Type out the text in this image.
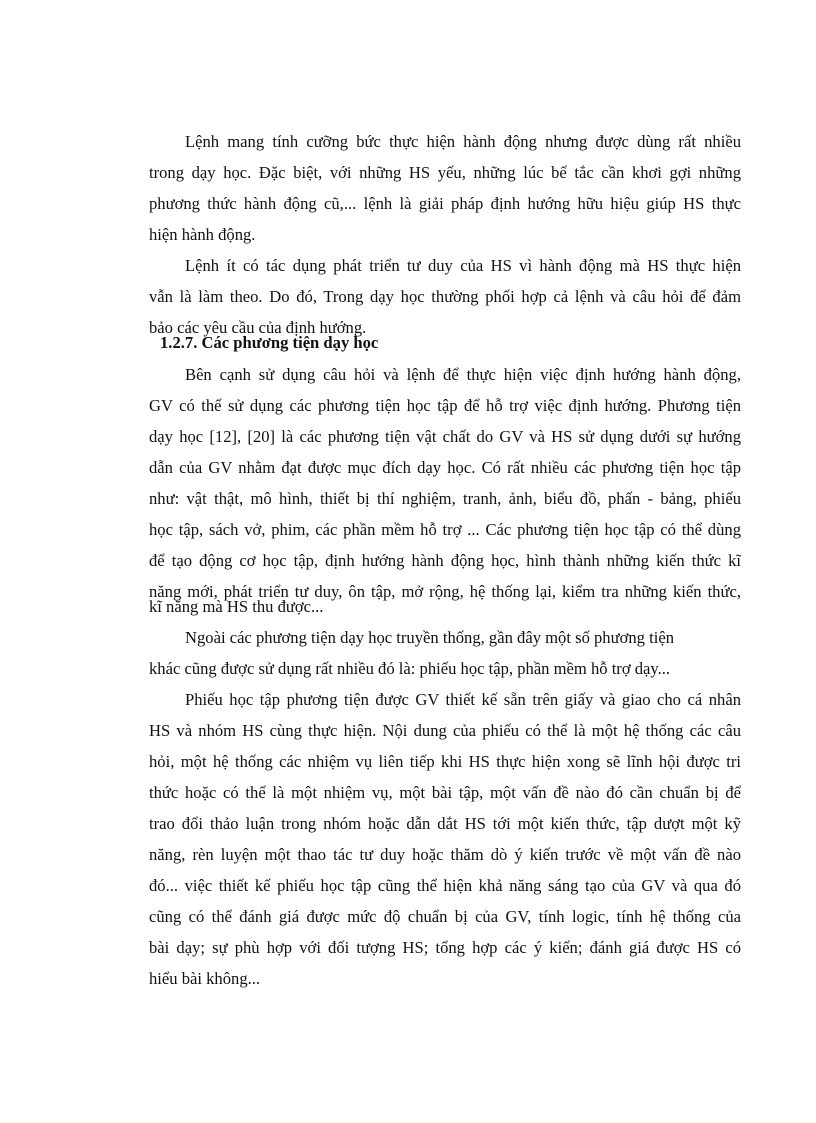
Lệnh mang tính cưỡng bức thực hiện hành động nhưng được dùng rất nhiều
trong dạy học. Đặc biệt, với những HS yếu, những lúc bế tắc cần khơi gợi những
phương thức hành động cũ,... lệnh là giải pháp định hướng hữu hiệu giúp HS thực
hiện hành động.
Lệnh ít có tác dụng phát triển tư duy của HS vì hành động mà HS thực hiện
vẫn là làm theo. Do đó, Trong dạy học thường phối hợp cả lệnh và câu hỏi để đảm
bảo các yêu cầu của định hướng.
1.2.7. Các phương tiện dạy học
Bên cạnh sử dụng câu hỏi và lệnh để thực hiện việc định hướng hành động,
GV có thể sử dụng các phương tiện học tập để hỗ trợ việc định hướng. Phương tiện
dạy học [12], [20] là các phương tiện vật chất do GV và HS sử dụng dưới sự hướng
dẫn của GV nhằm đạt được mục đích dạy học. Có rất nhiều các phương tiện học tập
như: vật thật, mô hình, thiết bị thí nghiệm, tranh, ảnh, biểu đồ, phấn - bảng, phiếu
học tập, sách vở, phim, các phần mềm hỗ trợ ... Các phương tiện học tập có thể dùng
để tạo động cơ học tập, định hướng hành động học, hình thành những kiến thức kĩ
năng mới, phát triển tư duy, ôn tập, mở rộng, hệ thống lại, kiểm tra những kiến thức,
kĩ năng mà HS thu được...
Ngoài các phương tiện dạy học truyền thống, gần đây một số phương tiện
khác cũng được sử dụng rất nhiều đó là: phiếu học tập, phần mềm hỗ trợ dạy...
Phiếu học tập phương tiện được GV thiết kế sẵn trên giấy và giao cho cá nhân
HS và nhóm HS cùng thực hiện. Nội dung của phiếu có thể là một hệ thống các câu
hỏi, một hệ thống các nhiệm vụ liên tiếp khi HS thực hiện xong sẽ lĩnh hội được tri
thức hoặc có thể là một nhiệm vụ, một bài tập, một vấn đề nào đó cần chuẩn bị để
trao đổi thảo luận trong nhóm hoặc dẫn dắt HS tới một kiến thức, tập dượt một kỹ
năng, rèn luyện một thao tác tư duy hoặc thăm dò ý kiến trước về một vấn đề nào
đó... việc thiết kế phiếu học tập cũng thể hiện khả năng sáng tạo của GV và qua đó
cũng có thể đánh giá được mức độ chuẩn bị của GV, tính logic, tính hệ thống của
bài dạy; sự phù hợp với đối tượng HS; tổng hợp các ý kiến; đánh giá được HS có
hiểu bài không...
